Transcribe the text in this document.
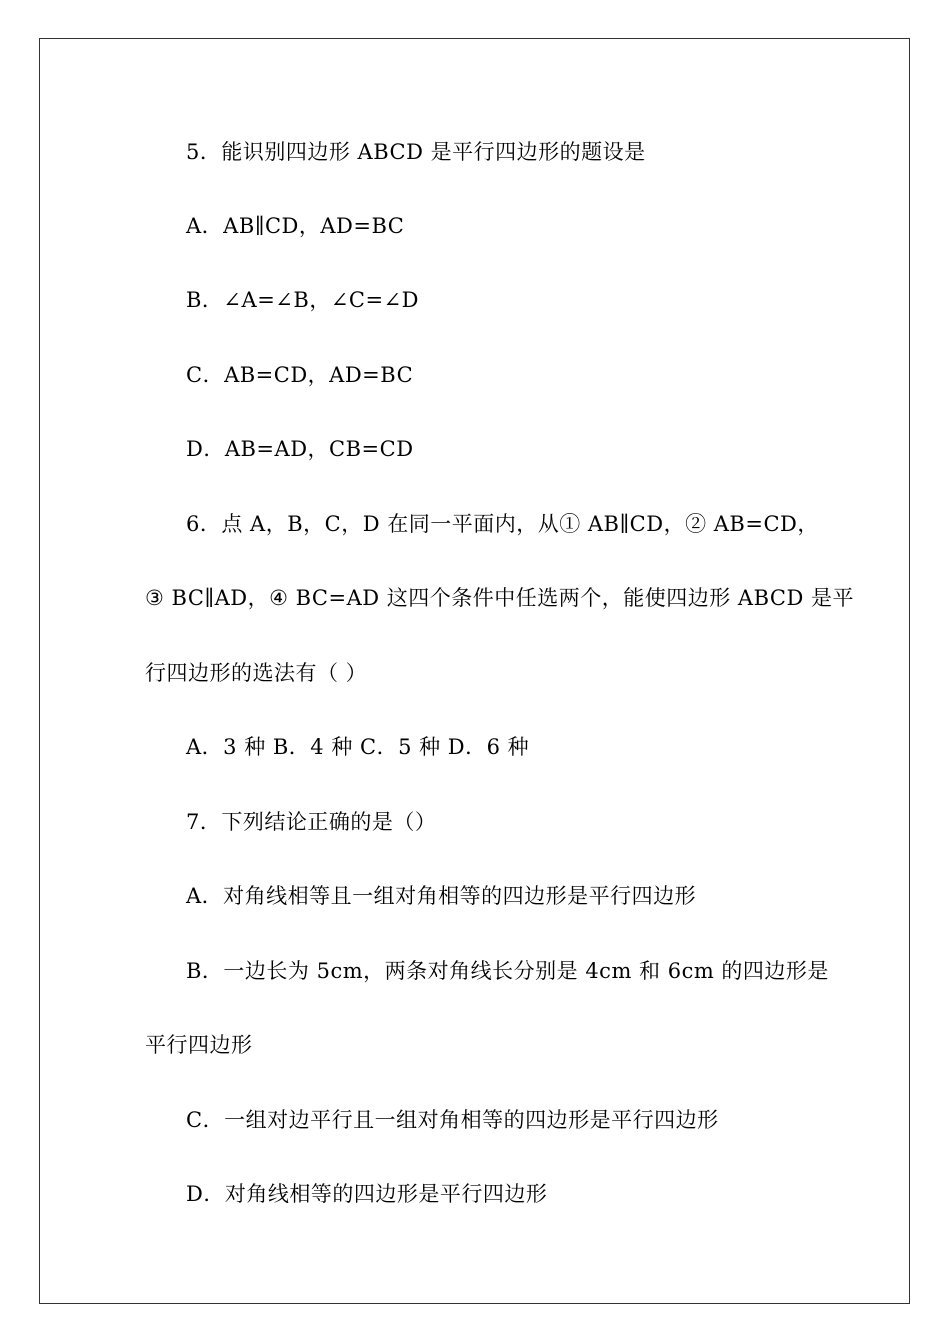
5．能识别四边形 ABCD 是平行四边形的题设是
A．AB∥CD，AD=BC
B．∠A=∠B，∠C=∠D
C．AB=CD，AD=BC
D．AB=AD，CB=CD
6．点 A，B，C，D 在同一平面内，从① AB∥CD，② AB=CD，
③ BC∥AD，④ BC=AD 这四个条件中任选两个，能使四边形 ABCD 是平
行四边形的选法有（ ）
A．3 种 B．4 种 C．5 种 D．6 种
7．下列结论正确的是（）
A．对角线相等且一组对角相等的四边形是平行四边形
B．一边长为 5cm，两条对角线长分别是 4cm 和 6cm 的四边形是
平行四边形
C．一组对边平行且一组对角相等的四边形是平行四边形
D．对角线相等的四边形是平行四边形
